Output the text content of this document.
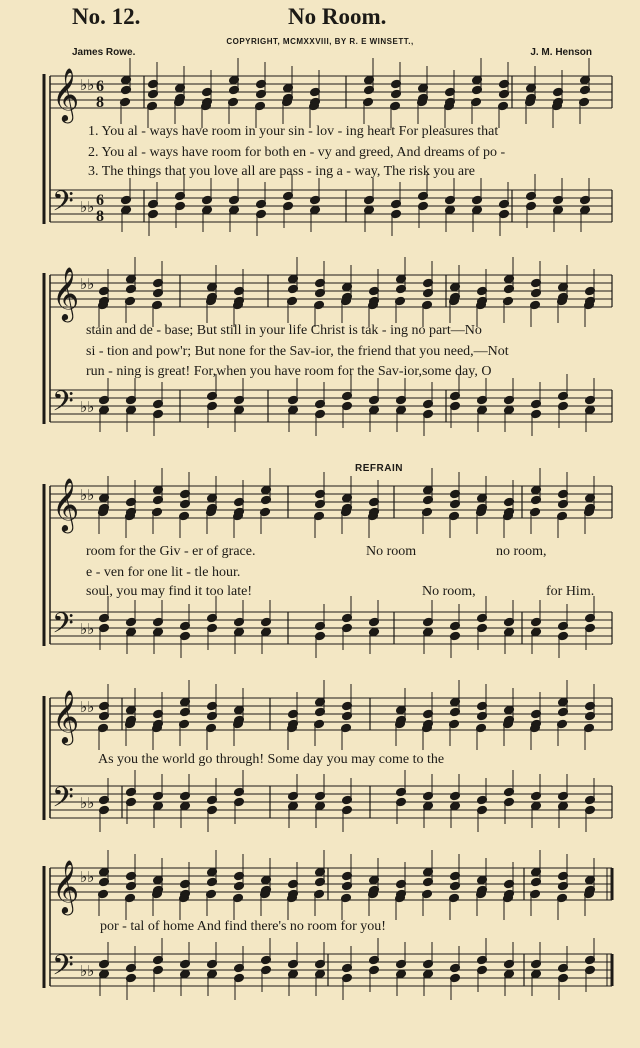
No. 12.	No Room.
COPYRIGHT, MCMXXVIII, BY R. E WINSETT.,
James Rowe.	J. M. Henson
𝄞
𝄢
♭♭
♭♭
6
8
6
8
𝄞
𝄢
♭♭
♭♭
𝄞
𝄢
♭♭
♭♭
𝄞
𝄢
♭♭
♭♭
𝄞
𝄢
♭♭
♭♭
1. You al - ways have room in your sin - lov - ing heart For pleasures that
2. You al - ways have room for both en - vy and greed, And dreams of po -
3. The things that you love all are pass - ing a - way, The risk you are
stain and de - base; But still in your life Christ is tak - ing no part—No
si - tion and pow'r; But none for the Sav-ior, the friend that you need,—Not
run - ning is great! For,when you have room for the Sav-ior,some day, O
REFRAIN
room for the Giv - er of grace.	No room	no room,
e - ven for one lit - tle hour.
soul, you may find it too late!	No room,	for Him.
As you the world go through! Some day you may come to the
por - tal of home And find there's no room for you!
